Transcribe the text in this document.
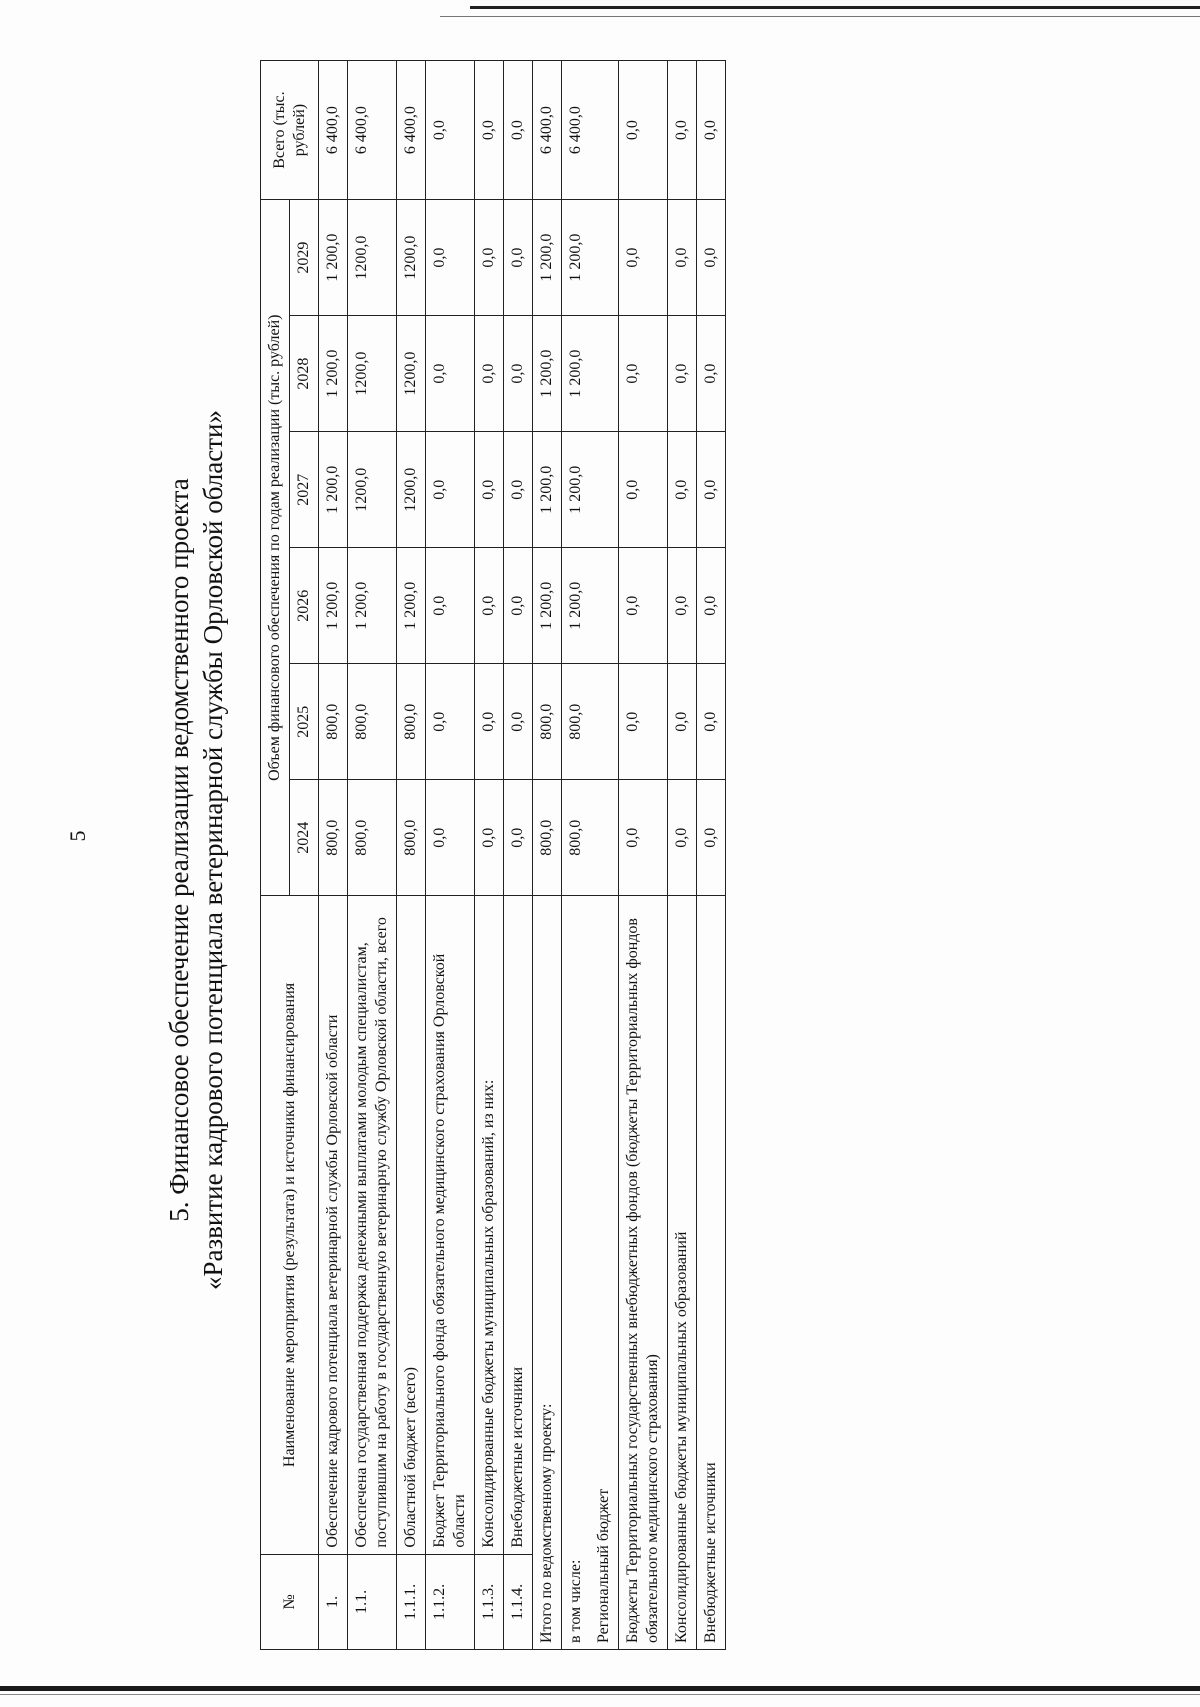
5	5. Финансовое обеспечение реализации ведомственного проекта «Развитие кадрового потенциала ветеринарной службы Орловской области»
№	Наименование мероприятия (результата) и источники финансирования	Объем финансового обеспечения по годам реализации (тыс. рублей)						Всего (тыс. рублей)
		2024	2025	2026	2027	2028	2029	
1.	Обеспечение кадрового потенциала ветеринарной службы Орловской области	800,0	800,0	1 200,0	1 200,0	1 200,0	1 200,0	6 400,0
1.1.	Обеспечена государственная поддержка денежными выплатами молодым специалистам, поступившим на работу в государственную ветеринарную службу Орловской области, всего	800,0	800,0	1 200,0	1200,0	1200,0	1200,0	6 400,0
1.1.1.	Областной бюджет (всего)	800,0	800,0	1 200,0	1200,0	1200,0	1200,0	6 400,0
1.1.2.	Бюджет Территориального фонда обязательного медицинского страхования Орловской области	0,0	0,0	0,0	0,0	0,0	0,0	0,0
1.1.3.	Консолидированные бюджеты муниципальных образований, из них:	0,0	0,0	0,0	0,0	0,0	0,0	0,0
1.1.4.	Внебюджетные источники	0,0	0,0	0,0	0,0	0,0	0,0	0,0
Итого по ведомственному проекту:		800,0	800,0	1 200,0	1 200,0	1 200,0	1 200,0	6 400,0

в том числе: Региональный бюджет		800,0	800,0	1 200,0	1 200,0	1 200,0	1 200,0	6 400,0
Бюджеты Территориальных государственных внебюджетных фондов (бюджеты Территориальных фондов обязательного медицинского страхования)		0,0	0,0	0,0	0,0	0,0	0,0	0,0
Консолидированные бюджеты муниципальных образований		0,0	0,0	0,0	0,0	0,0	0,0	0,0
Внебюджетные источники		0,0	0,0	0,0	0,0	0,0	0,0	0,0
